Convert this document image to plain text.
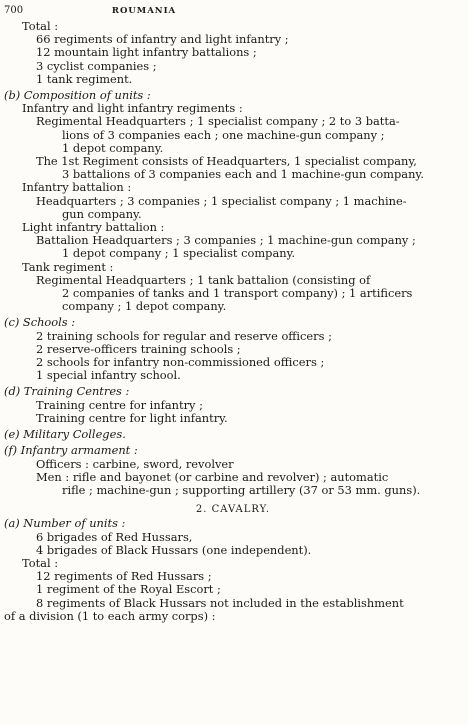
700	ROUMANIA
Total :
66 regiments of infantry and light infantry ;
12 mountain light infantry battalions ;
3 cyclist companies ;
1 tank regiment.
(b) Composition of units :
Infantry and light infantry regiments :
Regimental Headquarters ; 1 specialist company ; 2 to 3 batta-
lions of 3 companies each ; one machine-gun company ;
1 depot company.
The 1st Regiment consists of Headquarters, 1 specialist company,
3 battalions of 3 companies each and 1 machine-gun company.
Infantry battalion :
Headquarters ; 3 companies ; 1 specialist company ; 1 machine-
gun company.
Light infantry battalion :
Battalion Headquarters ; 3 companies ; 1 machine-gun company ;
1 depot company ; 1 specialist company.
Tank regiment :
Regimental Headquarters ; 1 tank battalion (consisting of
2 companies of tanks and 1 transport company) ; 1 artificers
company ; 1 depot company.
(c) Schools :
2 training schools for regular and reserve officers ;
2 reserve-officers training schools ;
2 schools for infantry non-commissioned officers ;
1 special infantry school.
(d) Training Centres :
Training centre for infantry ;
Training centre for light infantry.
(e) Military Colleges.
(f) Infantry armament :
Officers : carbine, sword, revolver
Men : rifle and bayonet (or carbine and revolver) ; automatic
rifle ; machine-gun ; supporting artillery (37 or 53 mm. guns).
2. CAVALRY.
(a) Number of units :
6 brigades of Red Hussars,
4 brigades of Black Hussars (one independent).
Total :
12 regiments of Red Hussars ;
1 regiment of the Royal Escort ;
8 regiments of Black Hussars not included in the establishment
of a division (1 to each army corps) :
